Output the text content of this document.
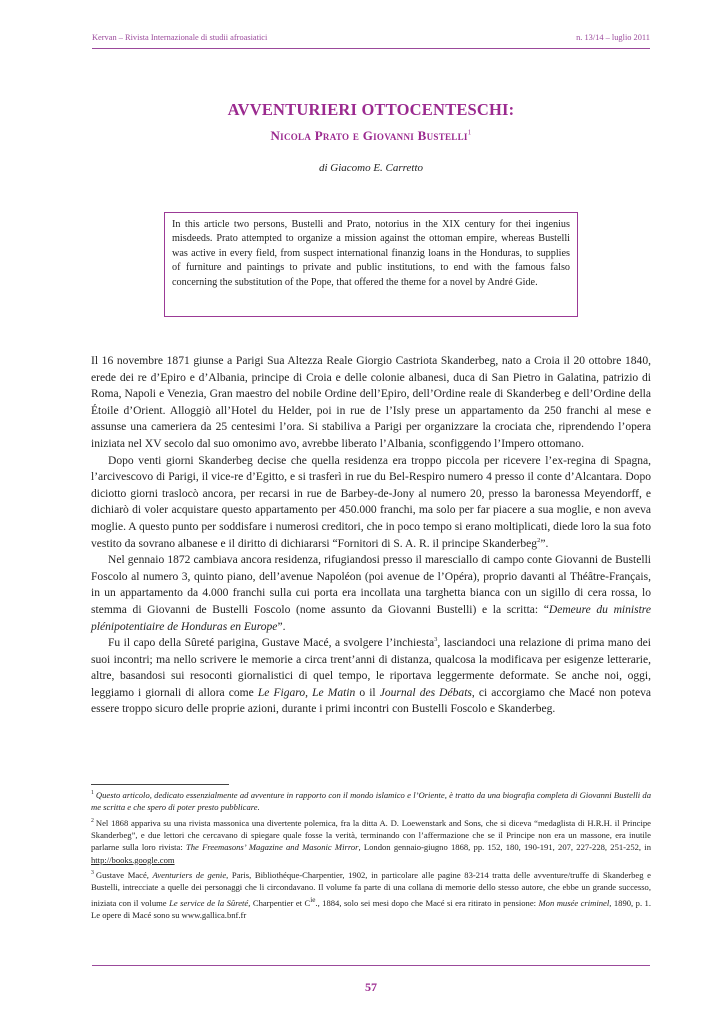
Kervan – Rivista Internazionale di studii afroasiatici	n. 13/14 – luglio 2011
AVVENTURIERI OTTOCENTESCHI:
Nicola Prato e Giovanni Bustelli$^1$
di Giacomo E. Carretto

In this article two persons, Bustelli and Prato, notorius in the XIX century for thei ingenius misdeeds. Prato attempted to organize a mission against the ottoman empire, whereas Bustelli was active in every field, from suspect international finanzig loans in the Honduras, to supplies of furniture and paintings to private and public institutions, to end with the famous falso concerning the substitution of the Pope, that offered the theme for a novel by André Gide.

Il 16 novembre 1871 giunse a Parigi Sua Altezza Reale Giorgio Castriota Skanderbeg, nato a Croia il 20 ottobre 1840, erede dei re d’Epiro e d’Albania, principe di Croia e delle colonie albanesi, duca di San Pietro in Galatina, patrizio di Roma, Napoli e Venezia, Gran maestro del nobile Ordine dell’Epiro, dell’Ordine reale di Skanderbeg e dell’Ordine della Étoile d’Orient. Alloggiò all’Hotel du Helder, poi in rue de l’Isly prese un appartamento da 250 franchi al mese e assunse una cameriera da 25 centesimi l’ora. Si stabiliva a Parigi per organizzare la crociata che, riprendendo l’opera iniziata nel XV secolo dal suo omonimo avo, avrebbe liberato l’Albania, sconfiggendo l’Impero ottomano.

Dopo venti giorni Skanderbeg decise che quella residenza era troppo piccola per ricevere l’ex-regina di Spagna, l’arcivescovo di Parigi, il vice-re d’Egitto, e si trasferì in rue du Bel-Respiro numero 4 presso il conte d’Alcantara. Dopo diciotto giorni traslocò ancora, per recarsi in rue de Barbey-de-Jony al numero 20, presso la baronessa Meyendorff, e dichiarò di voler acquistare questo appartamento per 450.000 franchi, ma solo per far piacere a sua moglie, e non aveva moglie. A questo punto per soddisfare i numerosi creditori, che in poco tempo si erano moltiplicati, diede loro la sua foto vestito da sovrano albanese e il diritto di dichiararsi “Fornitori di S. A. R. il principe Skanderbeg$^2$”.

Nel gennaio 1872 cambiava ancora residenza, rifugiandosi presso il maresciallo di campo conte Giovanni de Bustelli Foscolo al numero 3, quinto piano, dell’avenue Napoléon (poi avenue de l’Opéra), proprio davanti al Théâtre-Français, in un appartamento da 4.000 franchi sulla cui porta era incollata una targhetta bianca con un sigillo di cera rossa, lo stemma di Giovanni de Bustelli Foscolo (nome assunto da Giovanni Bustelli) e la scritta: “Demeure du ministre plénipotentiaire de Honduras en Europe”.

Fu il capo della Sûreté parigina, Gustave Macé, a svolgere l’inchiesta$^3$, lasciandoci una relazione di prima mano dei suoi incontri; ma nello scrivere le memorie a circa trent’anni di distanza, qualcosa la modificava per esigenze letterarie, altre, basandosi sui resoconti giornalistici di quel tempo, le riportava leggermente deformate. Se anche noi, oggi, leggiamo i giornali di allora come Le Figaro, Le Matin o il Journal des Débats, ci accorgiamo che Macé non poteva essere troppo sicuro delle proprie azioni, durante i primi incontri con Bustelli Foscolo e Skanderbeg.

$^1$ Questo articolo, dedicato essenzialmente ad avventure in rapporto con il mondo islamico e l’Oriente, è tratto da una biografia completa di Giovanni Bustelli da me scritta e che spero di poter presto pubblicare.

$^2$ Nel 1868 appariva su una rivista massonica una divertente polemica, fra la ditta A. D. Loewenstark and Sons, che si diceva “medaglista di H.R.H. il Principe Skanderbeg”, e due lettori che cercavano di spiegare quale fosse la verità, terminando con l’affermazione che se il Principe non era un massone, era inutile parlarne sulla loro rivista: The Freemasons’ Magazine and Masonic Mirror, London gennaio-giugno 1868, pp. 152, 180, 190-191, 207, 227-228, 251-252, in http://books.google.com

$^3$ Gustave Macé, Aventuriers de genie, Paris, Bibliothéque-Charpentier, 1902, in particolare alle pagine 83-214 tratta delle avventure/truffe di Skanderbeg e Bustelli, intrecciate a quelle dei personaggi che li circondavano. Il volume fa parte di una collana di memorie dello stesso autore, che ebbe un grande successo, iniziata con il volume Le service de la Sûreté, Charpentier et $C^{ie}$., 1884, solo sei mesi dopo che Macé si era ritirato in pensione: Mon musée criminel, 1890, p. 1. Le opere di Macé sono su www.gallica.bnf.fr

57
